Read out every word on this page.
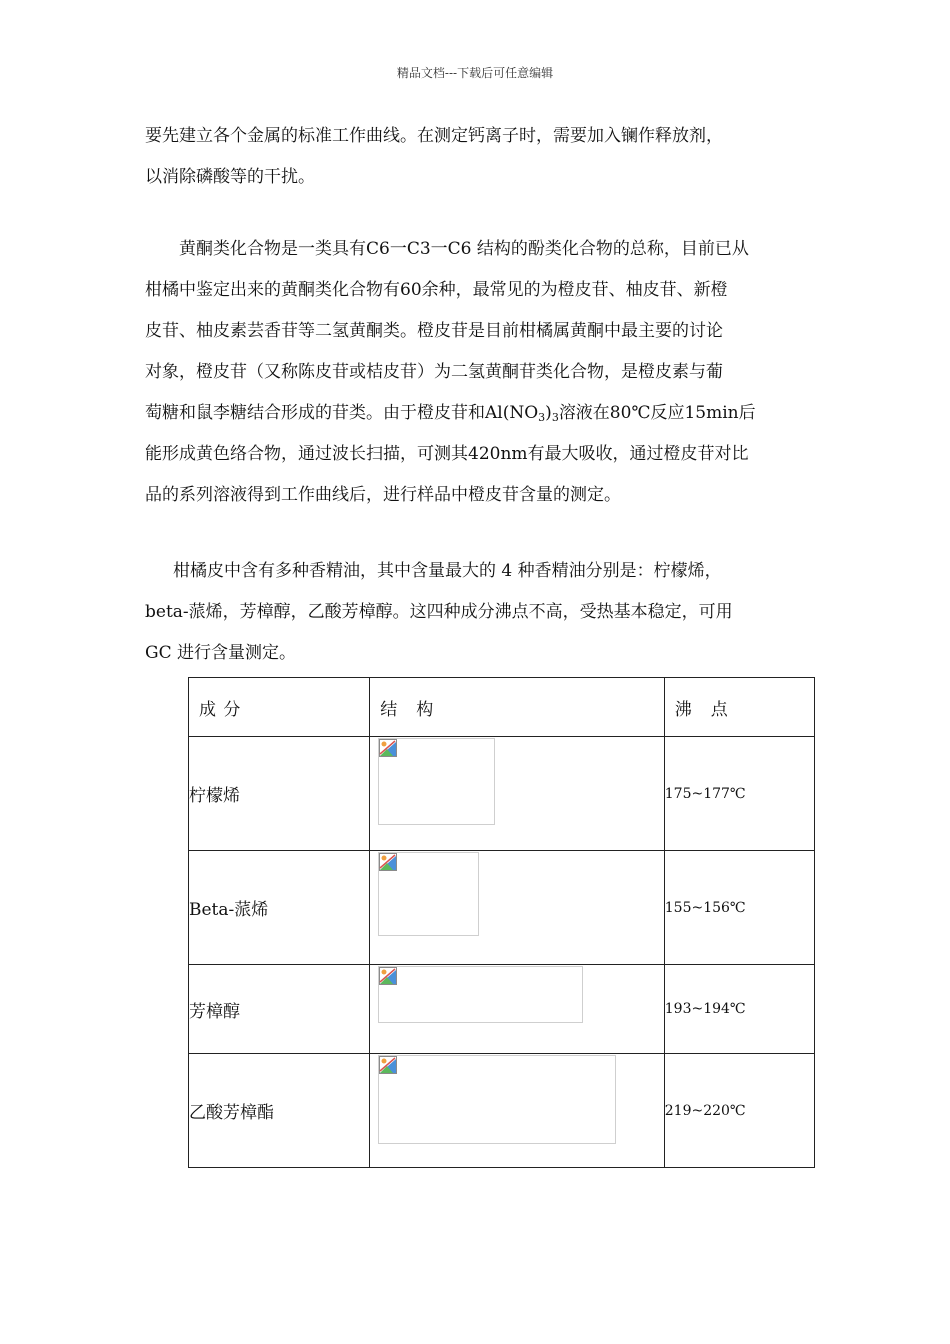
精品文档---下载后可任意编辑

要先建立各个金属的标准工作曲线。在测定钙离子时，需要加入镧作释放剂，
以消除磷酸等的干扰。

黄酮类化合物是一类具有C6一C3一C6 结构的酚类化合物的总称，目前已从
柑橘中鉴定出来的黄酮类化合物有60余种，最常见的为橙皮苷、柚皮苷、新橙
皮苷、柚皮素芸香苷等二氢黄酮类。橙皮苷是目前柑橘属黄酮中最主要的讨论
对象，橙皮苷（又称陈皮苷或桔皮苷）为二氢黄酮苷类化合物，是橙皮素与葡
萄糖和鼠李糖结合形成的苷类。由于橙皮苷和$Al(NO_3)_3$溶液在80℃反应15min后
能形成黄色络合物，通过波长扫描，可测其420nm有最大吸收，通过橙皮苷对比
品的系列溶液得到工作曲线后，进行样品中橙皮苷含量的测定。

柑橘皮中含有多种香精油，其中含量最大的 4 种香精油分别是：柠檬烯，
beta-蒎烯，芳樟醇，乙酸芳樟醇。这四种成分沸点不高，受热基本稳定，可用
GC 进行含量测定。

成 分	结　构	沸　点
柠檬烯		175~177℃
Beta-蒎烯		155~156℃
芳樟醇		193~194℃
乙酸芳樟酯		219~220℃
